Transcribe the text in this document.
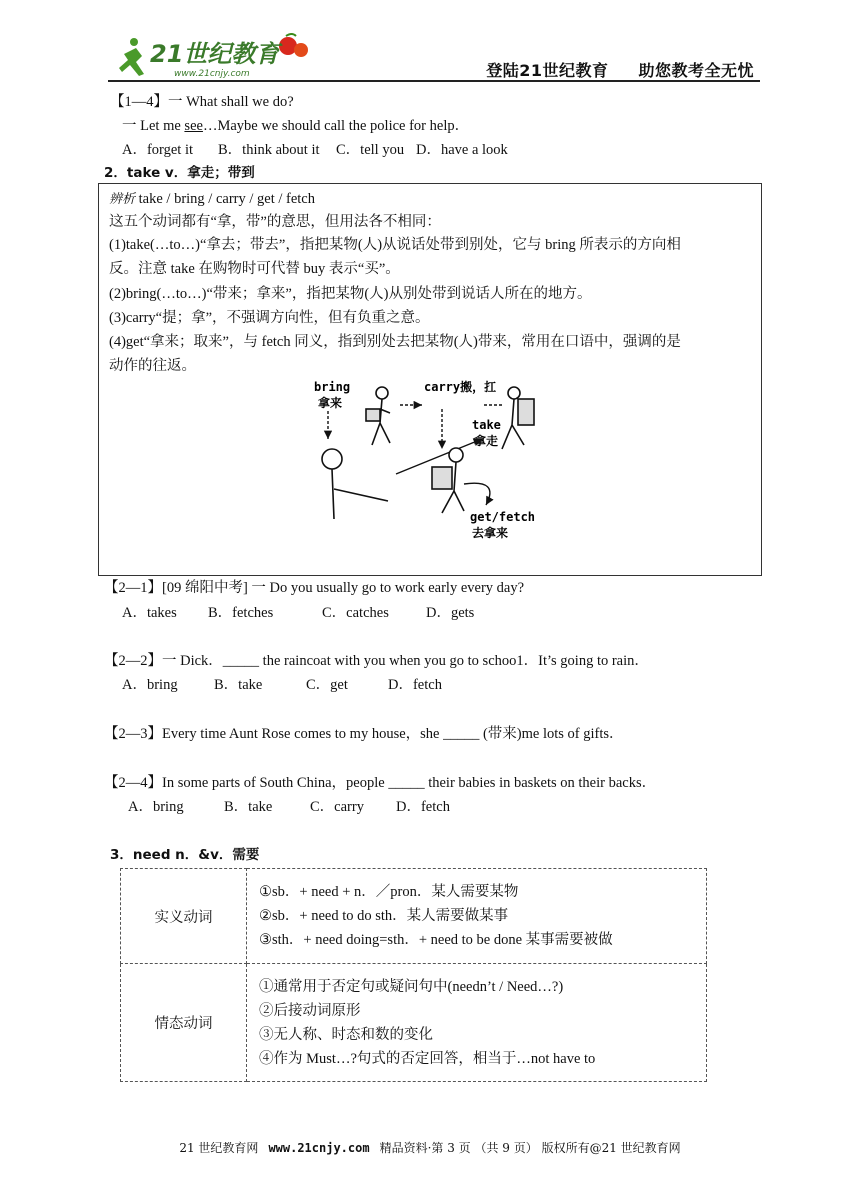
21世纪教育
www.21cnjy.com	登陆21世纪教育 助您教考全无忧
【1—4】一 What shall we do?
一 Let me see…Maybe we should call the police for help．
A．forget it B．think about it C．tell you D．have a look
2．take v．拿走；带到
辨析 take / bring / carry / get / fetch
这五个动词都有“拿，带”的意思，但用法各不相同：
(1)take(…to…)“拿去；带去”，指把某物(人)从说话处带到别处，它与 bring 所表示的方向相
反。注意 take 在购物时可代替 buy 表示“买”。
(2)bring(…to…)“带来；拿来”，指把某物(人)从别处带到说话人所在的地方。
(3)carry“提；拿”，不强调方向性，但有负重之意。
(4)get“拿来；取来”，与 fetch 同义，指到别处去把某物(人)带来，常用在口语中，强调的是
动作的往返。
bring
拿来
carry搬，扛
take
拿走
get/fetch
去拿来
【2—1】[09 绵阳中考] 一 Do you usually go to work early every day?
A．takes B．fetches	C．catches	D．gets
【2—2】一 Dick．_____ the raincoat with you when you go to schoo1．It’s going to rain．
A．bring	B．take	C．get	D．fetch
【2—3】Every time Aunt Rose comes to my house，she _____ (带来)me lots of gifts．
【2—4】In some parts of South China，people _____ their babies in baskets on their backs．
A．bring	B．take	C．carry D．fetch
3．need n．&v．需要
实义动词	①sb．+ need + n．／pron．某人需要某物
②sb．+ need to do sth．某人需要做某事
③sth．+ need doing=sth．+ need to be done 某事需要被做

情态动词	①通常用于否定句或疑问句中(needn’t / Need…?)
②后接动词原形
③无人称、时态和数的变化
④作为 Must…?句式的否定回答，相当于…not have to
21 世纪教育网 www.21cnjy.com 精品资料·第 3 页 （共 9 页） 版权所有@21 世纪教育网
